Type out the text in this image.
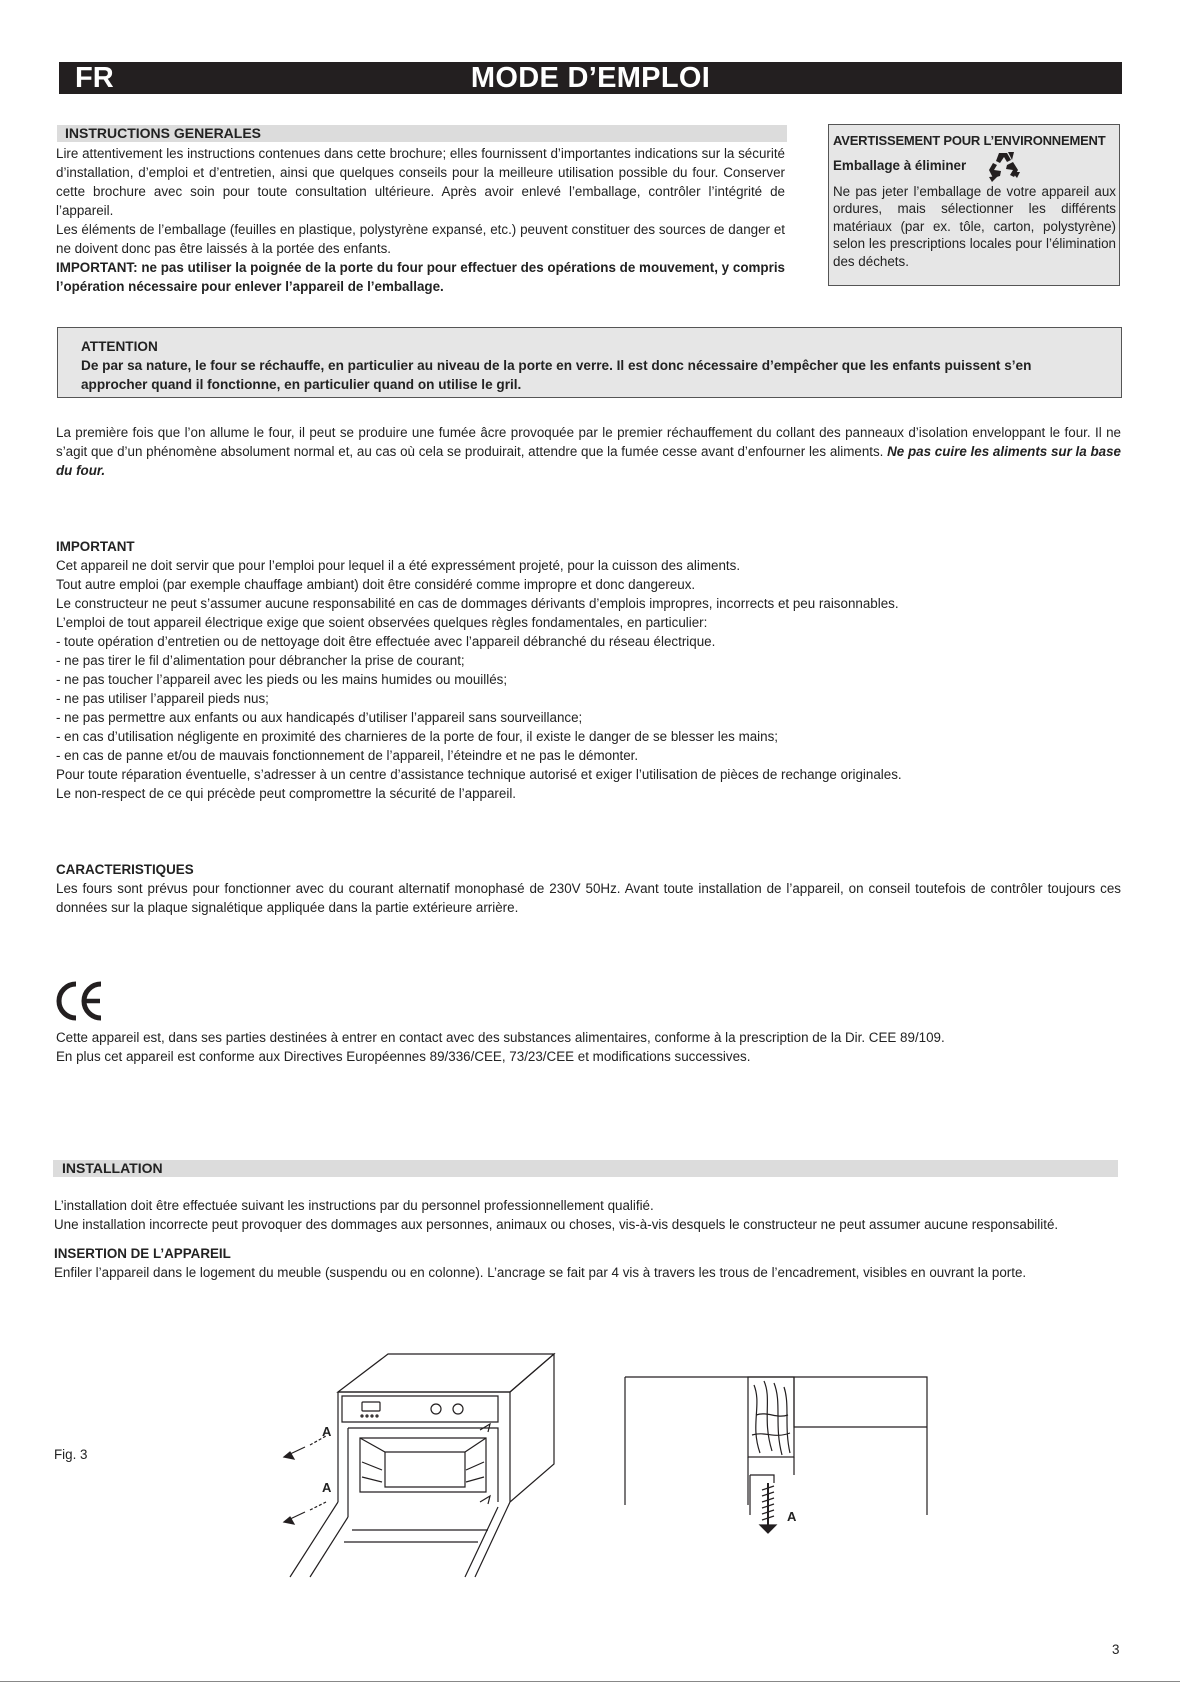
FR	MODE D’EMPLOI
INSTRUCTIONS GENERALES

Lire attentivement les instructions contenues dans cette brochure; elles fournissent d’importantes indications sur la sécurité d’installation, d’emploi et d’entretien, ainsi que quelques conseils pour la meilleure utilisation possible du four. Conserver cette brochure avec soin pour toute consultation ultérieure. Après avoir enlevé l’emballage, contrôler l’intégrité de l’appareil.

Les éléments de l’emballage (feuilles en plastique, polystyrène expansé, etc.) peuvent constituer des sources de danger et ne doivent donc pas être laissés à la portée des enfants.

IMPORTANT: ne pas utiliser la poignée de la porte du four pour effectuer des opérations de mouvement, y compris l’opération nécessaire pour enlever l’appareil de l’emballage.

AVERTISSEMENT POUR L’ENVIRONNEMENT
Emballage à éliminer

Ne pas jeter l’emballage de votre appareil aux ordures, mais sélectionner les différents matériaux (par ex. tôle, carton, polystyrène) selon les prescriptions locales pour l’élimination des déchets.

ATTENTION
De par sa nature, le four se réchauffe, en particulier au niveau de la porte en verre. Il est donc nécessaire d’empêcher que les enfants puissent s’en approcher quand il fonctionne, en particulier quand on utilise le gril.

La première fois que l’on allume le four, il peut se produire une fumée âcre provoquée par le premier réchauffement du collant des panneaux d’isolation enveloppant le four. Il ne s’agit que d’un phénomène absolument normal et, au cas où cela se produirait, attendre que la fumée cesse avant d’enfourner les aliments. Ne pas cuire les aliments sur la base du four.

IMPORTANT
Cet appareil ne doit servir que pour l’emploi pour lequel il a été expressément projeté, pour la cuisson des aliments.
Tout autre emploi (par exemple chauffage ambiant) doit être considéré comme impropre et donc dangereux.
Le constructeur ne peut s’assumer aucune responsabilité en cas de dommages dérivants d’emplois impropres, incorrects et peu raisonnables.
L’emploi de tout appareil électrique exige que soient observées quelques règles fondamentales, en particulier:
- toute opération d’entretien ou de nettoyage doit être effectuée avec l’appareil débranché du réseau électrique.
- ne pas tirer le fil d’alimentation pour débrancher la prise de courant;
- ne pas toucher l’appareil avec les pieds ou les mains humides ou mouillés;
- ne pas utiliser l’appareil pieds nus;
- ne pas permettre aux enfants ou aux handicapés d’utiliser l’appareil sans sourveillance;
- en cas d’utilisation négligente en proximité des charnieres de la porte de four, il existe le danger de se blesser les mains;
- en cas de panne et/ou de mauvais fonctionnement de l’appareil, l’éteindre et ne pas le démonter.
Pour toute réparation éventuelle, s’adresser à un centre d’assistance technique autorisé et exiger l’utilisation de pièces de rechange originales.
Le non-respect de ce qui précède peut compromettre la sécurité de l’appareil.
CARACTERISTIQUES

Les fours sont prévus pour fonctionner avec du courant alternatif monophasé de 230V 50Hz. Avant toute installation de l’appareil, on conseil toutefois de contrôler toujours ces données sur la plaque signalétique appliquée dans la partie extérieure arrière.

Cette appareil est, dans ses parties destinées à entrer en contact avec des substances alimentaires, conforme à la prescription de la Dir. CEE 89/109.
En plus cet appareil est conforme aux Directives Européennes 89/336/CEE, 73/23/CEE et modifications successives.
INSTALLATION
L’installation doit être effectuée suivant les instructions par du personnel professionnellement qualifié.
Une installation incorrecte peut provoquer des dommages aux personnes, animaux ou choses, vis-à-vis desquels le constructeur ne peut assumer aucune responsabilité.
INSERTION DE L’APPAREIL
Enfiler l’appareil dans le logement du meuble (suspendu ou en colonne). L’ancrage se fait par 4 vis à travers les trous de l’encadrement, visibles en ouvrant la porte.
Fig. 3
A
A
A
3
